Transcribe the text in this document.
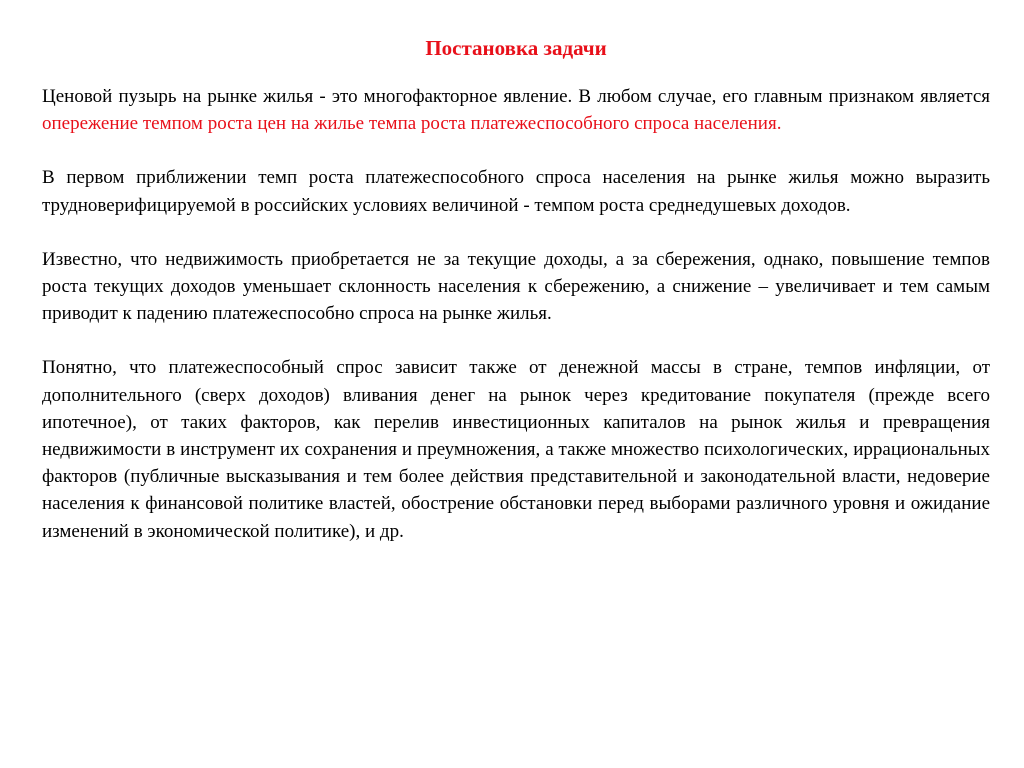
Постановка задачи

Ценовой пузырь на рынке жилья - это многофакторное явление. В любом случае, его главным признаком является опережение темпом роста цен на жилье темпа роста платежеспособного спроса населения.

В первом приближении темп роста платежеспособного спроса населения на рынке жилья можно выразить трудноверифицируемой в российских условиях величиной - темпом роста среднедушевых доходов.

Известно, что недвижимость приобретается не за текущие доходы, а за сбережения, однако, повышение темпов роста текущих доходов уменьшает склонность населения к сбережению, а снижение – увеличивает и тем самым приводит к падению платежеспособно спроса на рынке жилья.

Понятно, что платежеспособный спрос зависит также от денежной массы в стране, темпов инфляции, от дополнительного (сверх доходов) вливания денег на рынок через кредитование покупателя (прежде всего ипотечное), от таких факторов, как перелив инвестиционных капиталов на рынок жилья и превращения недвижимости в инструмент их сохранения и преумножения, а также множество психологических, иррациональных факторов (публичные высказывания и тем более действия представительной и законодательной власти, недоверие населения к финансовой политике властей, обострение обстановки перед выборами различного уровня и ожидание изменений в экономической политике), и др.
